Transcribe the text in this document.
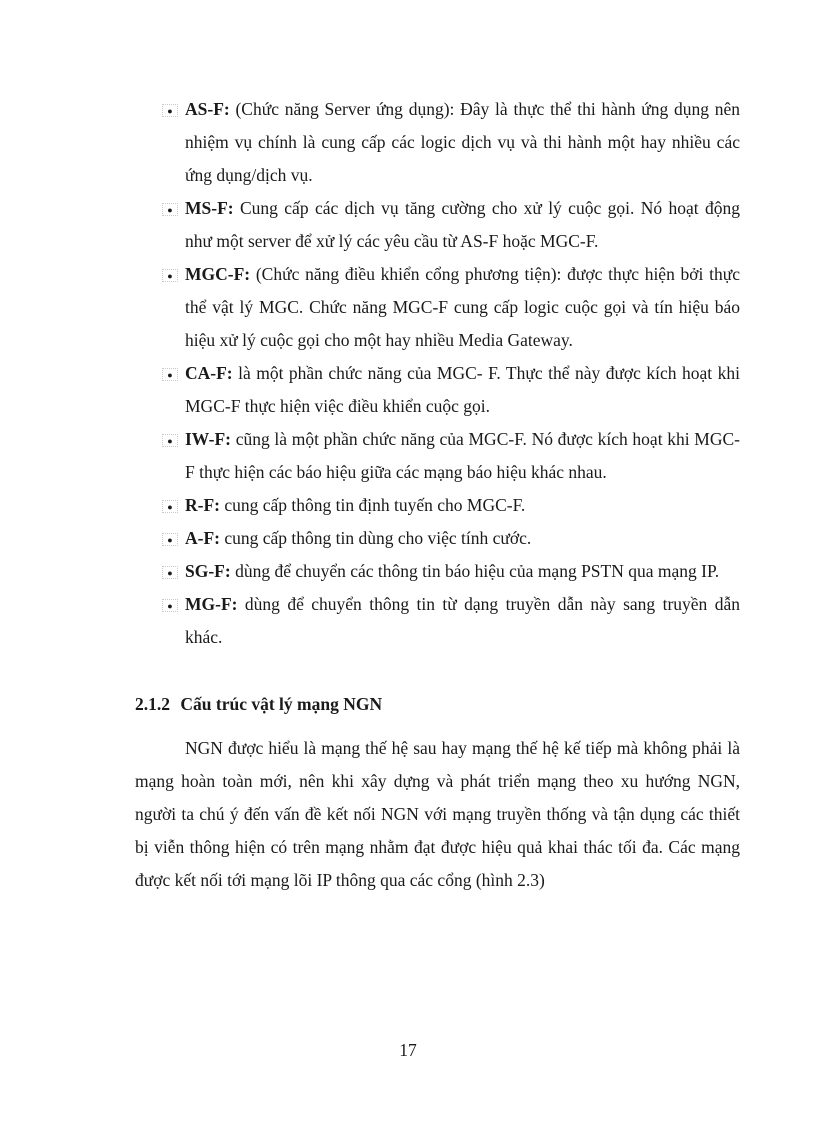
●
AS-F: (Chức năng Server ứng dụng): Đây là thực thể thi hành ứng dụng nên nhiệm vụ chính là cung cấp các logic dịch vụ và thi hành một hay nhiều các ứng dụng/dịch vụ.
●
MS-F: Cung cấp các dịch vụ tăng cường cho xử lý cuộc gọi. Nó hoạt động như một server để xử lý các yêu cầu từ AS-F hoặc MGC-F.
●
MGC-F: (Chức năng điều khiển cổng phương tiện): được thực hiện bởi thực thể vật lý MGC. Chức năng MGC-F cung cấp logic cuộc gọi và tín hiệu báo hiệu xử lý cuộc gọi cho một hay nhiều Media Gateway.
●
CA-F: là một phần chức năng của MGC- F. Thực thể này được kích hoạt khi MGC-F thực hiện việc điều khiển cuộc gọi.
●
IW-F: cũng là một phần chức năng của MGC-F. Nó được kích hoạt khi MGC-F thực hiện các báo hiệu giữa các mạng báo hiệu khác nhau.
●
R-F: cung cấp thông tin định tuyến cho MGC-F.
●
A-F: cung cấp thông tin dùng cho việc tính cước.
●
SG-F: dùng để chuyển các thông tin báo hiệu của mạng PSTN qua mạng IP.
●
MG-F: dùng để chuyển thông tin từ dạng truyền dẫn này sang truyền dẫn khác.
2.1.2 Cấu trúc vật lý mạng NGN

NGN được hiểu là mạng thế hệ sau hay mạng thế hệ kế tiếp mà không phải là mạng hoàn toàn mới, nên khi xây dựng và phát triển mạng theo xu hướng NGN, người ta chú ý đến vấn đề kết nối NGN với mạng truyền thống và tận dụng các thiết bị viễn thông hiện có trên mạng nhằm đạt được hiệu quả khai thác tối đa. Các mạng được kết nối tới mạng lõi IP thông qua các cổng (hình 2.3)

17
